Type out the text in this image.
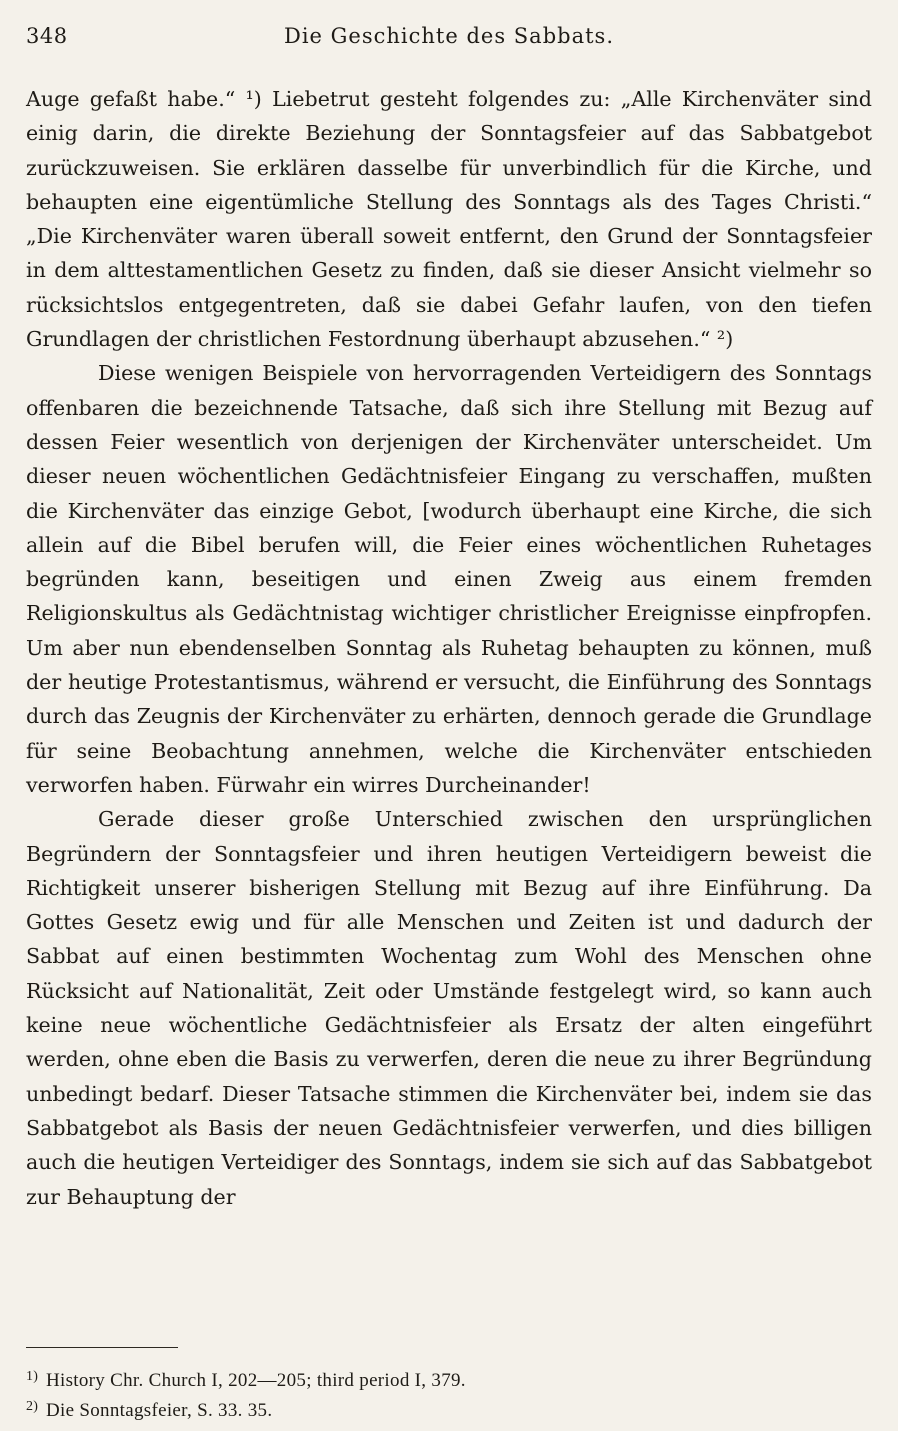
348	Die Geschichte des Sabbats.

Auge gefaßt habe.“ ¹) Liebetrut gesteht folgendes zu: „Alle Kirchenväter sind einig darin, die direkte Beziehung der Sonntagsfeier auf das Sabbatgebot zurückzuweisen. Sie erklären dasselbe für unverbindlich für die Kirche, und behaupten eine eigentümliche Stellung des Sonntags als des Tages Christi.“ „Die Kirchenväter waren überall soweit entfernt, den Grund der Sonntagsfeier in dem alttestamentlichen Gesetz zu finden, daß sie dieser Ansicht vielmehr so rücksichtslos entgegentreten, daß sie dabei Gefahr laufen, von den tiefen Grundlagen der christlichen Festordnung überhaupt abzusehen.“ ²)

Diese wenigen Beispiele von hervorragenden Verteidigern des Sonntags offenbaren die bezeichnende Tatsache, daß sich ihre Stellung mit Bezug auf dessen Feier wesentlich von derjenigen der Kirchenväter unterscheidet. Um dieser neuen wöchentlichen Gedächtnisfeier Eingang zu verschaffen, mußten die Kirchenväter das einzige Gebot, [wodurch überhaupt eine Kirche, die sich allein auf die Bibel berufen will, die Feier eines wöchentlichen Ruhetages begründen kann, beseitigen und einen Zweig aus einem fremden Religionskultus als Gedächtnistag wichtiger christlicher Ereignisse einpfropfen. Um aber nun ebendenselben Sonntag als Ruhetag behaupten zu können, muß der heutige Protestantismus, während er versucht, die Einführung des Sonntags durch das Zeugnis der Kirchenväter zu erhärten, dennoch gerade die Grundlage für seine Beobachtung annehmen, welche die Kirchenväter entschieden verworfen haben. Fürwahr ein wirres Durcheinander!

Gerade dieser große Unterschied zwischen den ursprünglichen Begründern der Sonntagsfeier und ihren heutigen Verteidigern beweist die Richtigkeit unserer bisherigen Stellung mit Bezug auf ihre Einführung. Da Gottes Gesetz ewig und für alle Menschen und Zeiten ist und dadurch der Sabbat auf einen bestimmten Wochentag zum Wohl des Menschen ohne Rücksicht auf Nationalität, Zeit oder Umstände festgelegt wird, so kann auch keine neue wöchentliche Gedächtnisfeier als Ersatz der alten eingeführt werden, ohne eben die Basis zu verwerfen, deren die neue zu ihrer Begründung unbedingt bedarf. Dieser Tatsache stimmen die Kirchenväter bei, indem sie das Sabbatgebot als Basis der neuen Gedächtnisfeier verwerfen, und dies billigen auch die heutigen Verteidiger des Sonntags, indem sie sich auf das Sabbatgebot zur Behauptung der

1) History Chr. Church I, 202—205; third period I, 379.

2) Die Sonntagsfeier, S. 33. 35.
